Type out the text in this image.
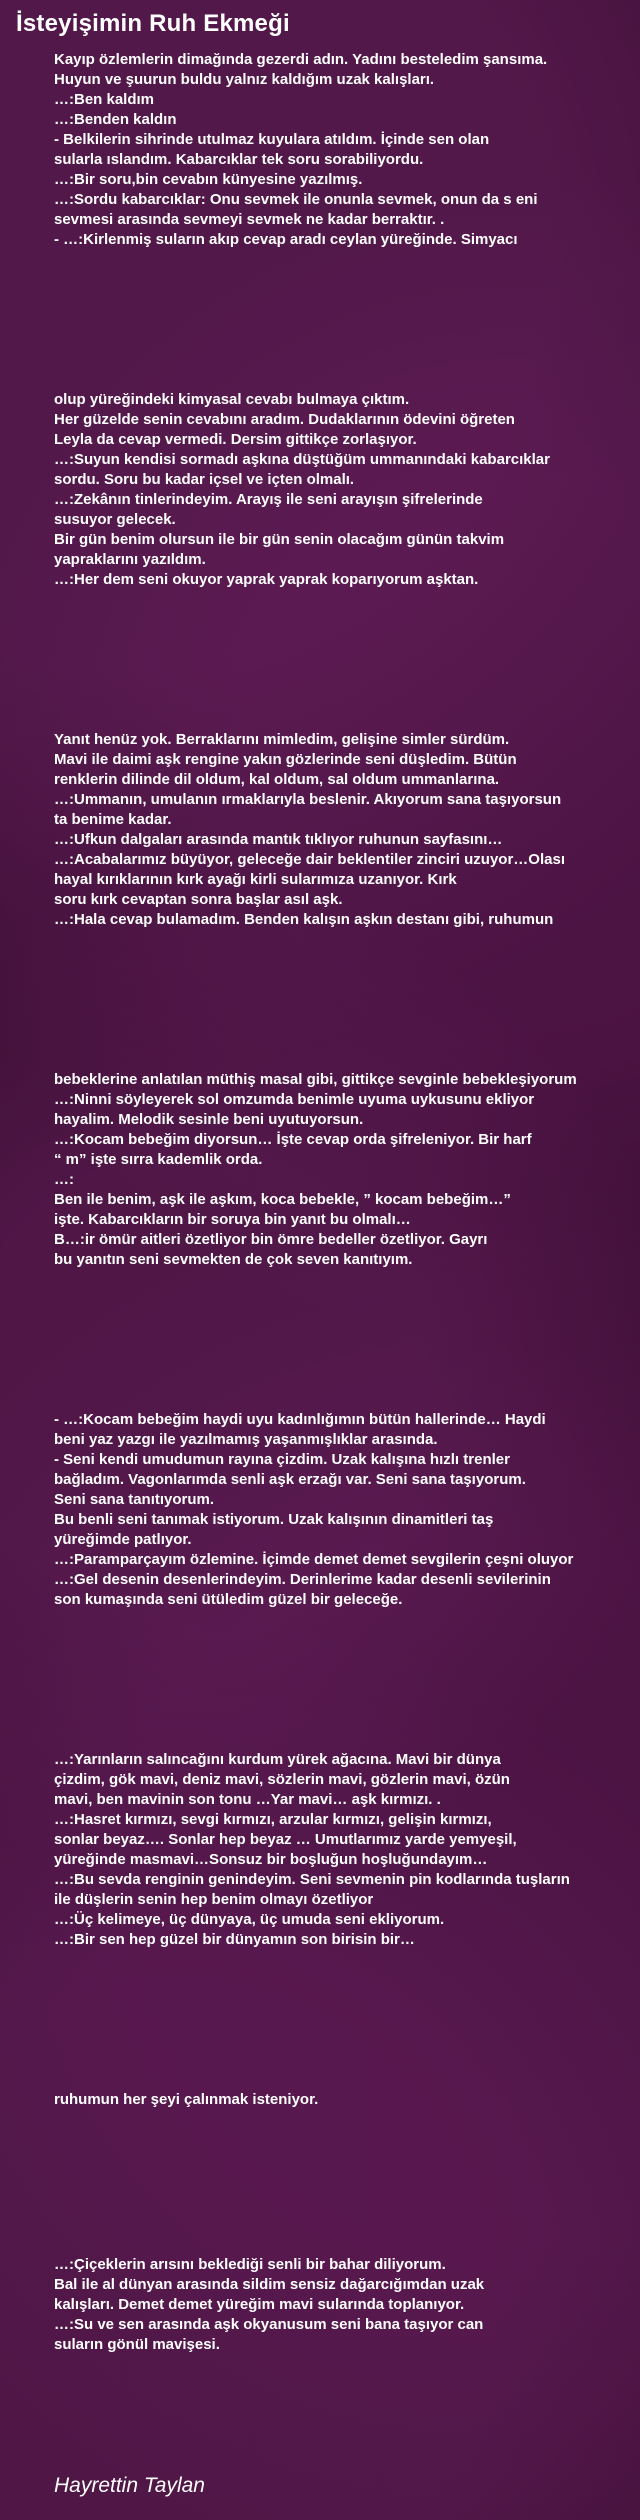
İsteyişimin Ruh Ekmeği
Kayıp özlemlerin dimağında gezerdi adın. Yadını besteledim şansıma.
Huyun ve şuurun buldu yalnız kaldığım uzak kalışları.
…:Ben kaldım
…:Benden kaldın
- Belkilerin sihrinde utulmaz kuyulara atıldım. İçinde sen olan
sularla ıslandım. Kabarcıklar tek soru sorabiliyordu.
…:Bir soru,bin cevabın künyesine yazılmış.
…:Sordu kabarcıklar: Onu sevmek ile onunla sevmek, onun da s eni
sevmesi arasında sevmeyi sevmek ne kadar berraktır. .
- …:Kirlenmiş suların akıp cevap aradı ceylan yüreğinde. Simyacı
olup yüreğindeki kimyasal cevabı bulmaya çıktım.
Her güzelde senin cevabını aradım. Dudaklarının ödevini öğreten
Leyla da cevap vermedi. Dersim gittikçe zorlaşıyor.
…:Suyun kendisi sormadı aşkına düştüğüm ummanındaki kabarcıklar
sordu. Soru bu kadar içsel ve içten olmalı.
…:Zekânın tinlerindeyim. Arayış ile seni arayışın şifrelerinde
susuyor gelecek.
Bir gün benim olursun ile bir gün senin olacağım günün takvim
yapraklarını yazıldım.
…:Her dem seni okuyor yaprak yaprak koparıyorum aşktan.
Yanıt henüz yok. Berraklarını mimledim, gelişine simler sürdüm.
Mavi ile daimi aşk rengine yakın gözlerinde seni düşledim. Bütün
renklerin dilinde dil oldum, kal oldum, sal oldum ummanlarına.
…:Ummanın, umulanın ırmaklarıyla beslenir. Akıyorum sana taşıyorsun
ta benime kadar.
…:Ufkun dalgaları arasında mantık tıklıyor ruhunun sayfasını…
…:Acabalarımız büyüyor, geleceğe dair beklentiler zinciri uzuyor…Olası
hayal kırıklarının kırk ayağı kirli sularımıza uzanıyor. Kırk
soru kırk cevaptan sonra başlar asıl aşk.
…:Hala cevap bulamadım. Benden kalışın aşkın destanı gibi, ruhumun
bebeklerine anlatılan müthiş masal gibi, gittikçe sevginle bebekleşiyorum
…:Ninni söyleyerek sol omzumda benimle uyuma uykusunu ekliyor
hayalim. Melodik sesinle beni uyutuyorsun.
…:Kocam bebeğim diyorsun… İşte cevap orda şifreleniyor. Bir harf
“ m” işte sırra kademlik orda.
…:
Ben ile benim, aşk ile aşkım, koca bebekle, ” kocam bebeğim…”
işte. Kabarcıkların bir soruya bin yanıt bu olmalı…
B…:ir ömür aitleri özetliyor bin ömre bedeller özetliyor. Gayrı
bu yanıtın seni sevmekten de çok seven kanıtıyım.
- …:Kocam bebeğim haydi uyu kadınlığımın bütün hallerinde… Haydi
beni yaz yazgı ile yazılmamış yaşanmışlıklar arasında.
- Seni kendi umudumun rayına çizdim. Uzak kalışına hızlı trenler
bağladım. Vagonlarımda senli aşk erzağı var. Seni sana taşıyorum.
Seni sana tanıtıyorum.
Bu benli seni tanımak istiyorum. Uzak kalışının dinamitleri taş
yüreğimde patlıyor.
…:Paramparçayım özlemine. İçimde demet demet sevgilerin çeşni oluyor
…:Gel desenin desenlerindeyim. Derinlerime kadar desenli sevilerinin
son kumaşında seni ütüledim güzel bir geleceğe.
…:Yarınların salıncağını kurdum yürek ağacına. Mavi bir dünya
çizdim, gök mavi, deniz mavi, sözlerin mavi, gözlerin mavi, özün
mavi, ben mavinin son tonu …Yar mavi… aşk kırmızı. .
…:Hasret kırmızı, sevgi kırmızı, arzular kırmızı, gelişin kırmızı,
sonlar beyaz…. Sonlar hep beyaz … Umutlarımız yarde yemyeşil,
yüreğinde masmavi…Sonsuz bir boşluğun hoşluğundayım…
…:Bu sevda renginin genindeyim. Seni sevmenin pin kodlarında tuşların
ile düşlerin senin hep benim olmayı özetliyor
…:Üç kelimeye, üç dünyaya, üç umuda seni ekliyorum.
…:Bir sen hep güzel bir dünyamın son birisin bir…
ruhumun her şeyi çalınmak isteniyor.
…:Çiçeklerin arısını beklediği senli bir bahar diliyorum.
Bal ile al dünyan arasında sildim sensiz dağarcığımdan uzak
kalışları. Demet demet yüreğim mavi sularında toplanıyor.
…:Su ve sen arasında aşk okyanusum seni bana taşıyor can
suların gönül mavişesi.
Hayrettin Taylan
